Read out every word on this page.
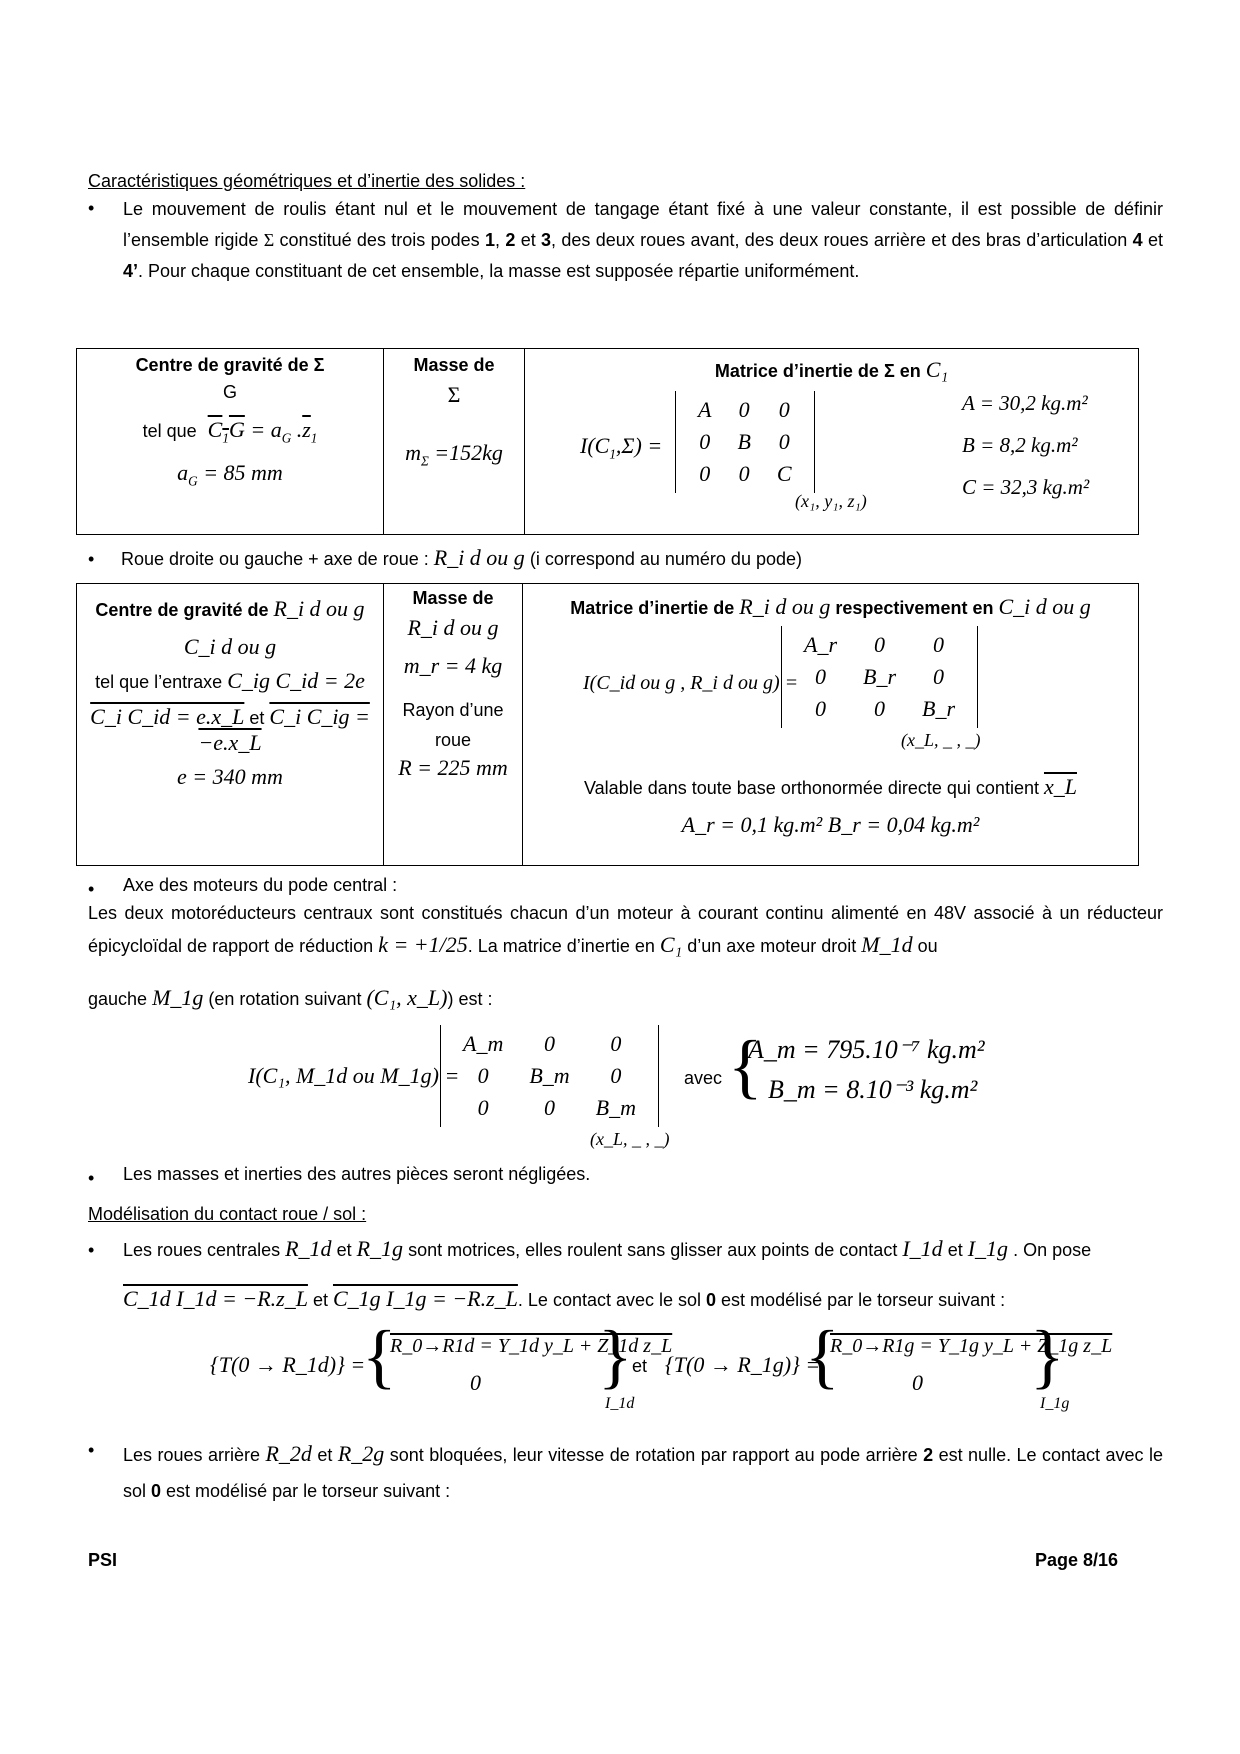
Caractéristiques géométriques et d’inertie des solides :
• Le mouvement de roulis étant nul et le mouvement de tangage étant fixé à une valeur constante, il est possible de définir l’ensemble rigide Σ constitué des trois podes 1, 2 et 3, des deux roues avant, des deux roues arrière et des bras d’articulation 4 et 4’. Pour chaque constituant de cet ensemble, la masse est supposée répartie uniformément.
Centre de gravité de Σ
G
tel que $C_1G = a_G$ $.\overline{z}_1$
$a_G = 85$ mm

Masse de
Σ
$m_\Sigma =152kg$

Matrice d’inertie de Σ en C₁
$I(C_1,\Sigma)$ =
A	0	0
0	B	0
0	0	C
(x₁, y₁, z₁)
A = 30,2 kg.m²
B = 8,2 kg.m²
C = 32,3 kg.m²
• Roue droite ou gauche + axe de roue : R_i d ou g (i correspond au numéro du pode)
Centre de gravité de R_i d ou g
C_i d ou g
tel que l’entraxe C_ig C_id = 2e
C_i C_id = e.x_L et C_i C_ig = −e.x_L
e = 340 mm

Masse de
R_i d ou g
m_r = 4 kg
Rayon d’une roue
R = 225 mm

Matrice d’inertie de R_i d ou g respectivement en C_i d ou g
I(C_id ou g , R_i d ou g) =
A_r	0	0
0	B_r	0
0	0	B_r
(x_L, _ , _)
Valable dans toute base orthonormée directe qui contient x_L
A_r = 0,1 kg.m² B_r = 0,04 kg.m²
• Axe des moteurs du pode central :
Les deux motoréducteurs centraux sont constitués chacun d’un moteur à courant continu alimenté en 48V associé à un réducteur épicycloïdal de rapport de réduction k = +1/25. La matrice d’inertie en C₁ d’un axe moteur droit M_1d ou
gauche M_1g (en rotation suivant (C₁, x_L)) est :
I(C₁, M_1d ou M_1g) =
A_m	0	0
0	B_m	0
0	0	B_m
(x_L, _ , _)
avec {
A_m = 795.10⁻⁷ kg.m²
B_m = 8.10⁻³ kg.m²
• Les masses et inerties des autres pièces seront négligées.
Modélisation du contact roue / sol :
• Les roues centrales R_1d et R_1g sont motrices, elles roulent sans glisser aux points de contact I_1d et I_1g . On pose
C_1d I_1d = −R.z_L et C_1g I_1g = −R.z_L. Le contact avec le sol 0 est modélisé par le torseur suivant :
{T(0 → R_1d)} =
{
R_0→R1d = Y_1d y_L + Z_1d z_L
0 }
I_1d
et {T(0 → R_1g)} =
{
R_0→R1g = Y_1g y_L + Z_1g z_L
0 }
I_1g
• Les roues arrière R_2d et R_2g sont bloquées, leur vitesse de rotation par rapport au pode arrière 2 est nulle. Le contact avec le sol 0 est modélisé par le torseur suivant :
PSI	Page 8/16
